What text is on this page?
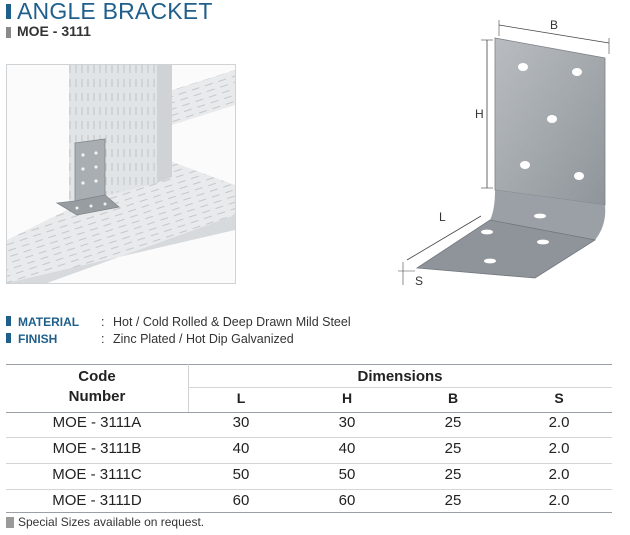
ANGLE BRACKET
MOE - 3111	B
H
L
S
MATERIAL : Hot / Cold Rolled & Deep Drawn Mild Steel
FINISH	: Zinc Plated / Hot Dip Galvanized
Code
Number
Dimensions
L	H	B	S
MOE - 3111A	30	30	25	2.0
MOE - 3111B	40	40	25	2.0
MOE - 3111C	50	50	25	2.0
MOE - 3111D	60	60	25	2.0
Special Sizes available on request.
